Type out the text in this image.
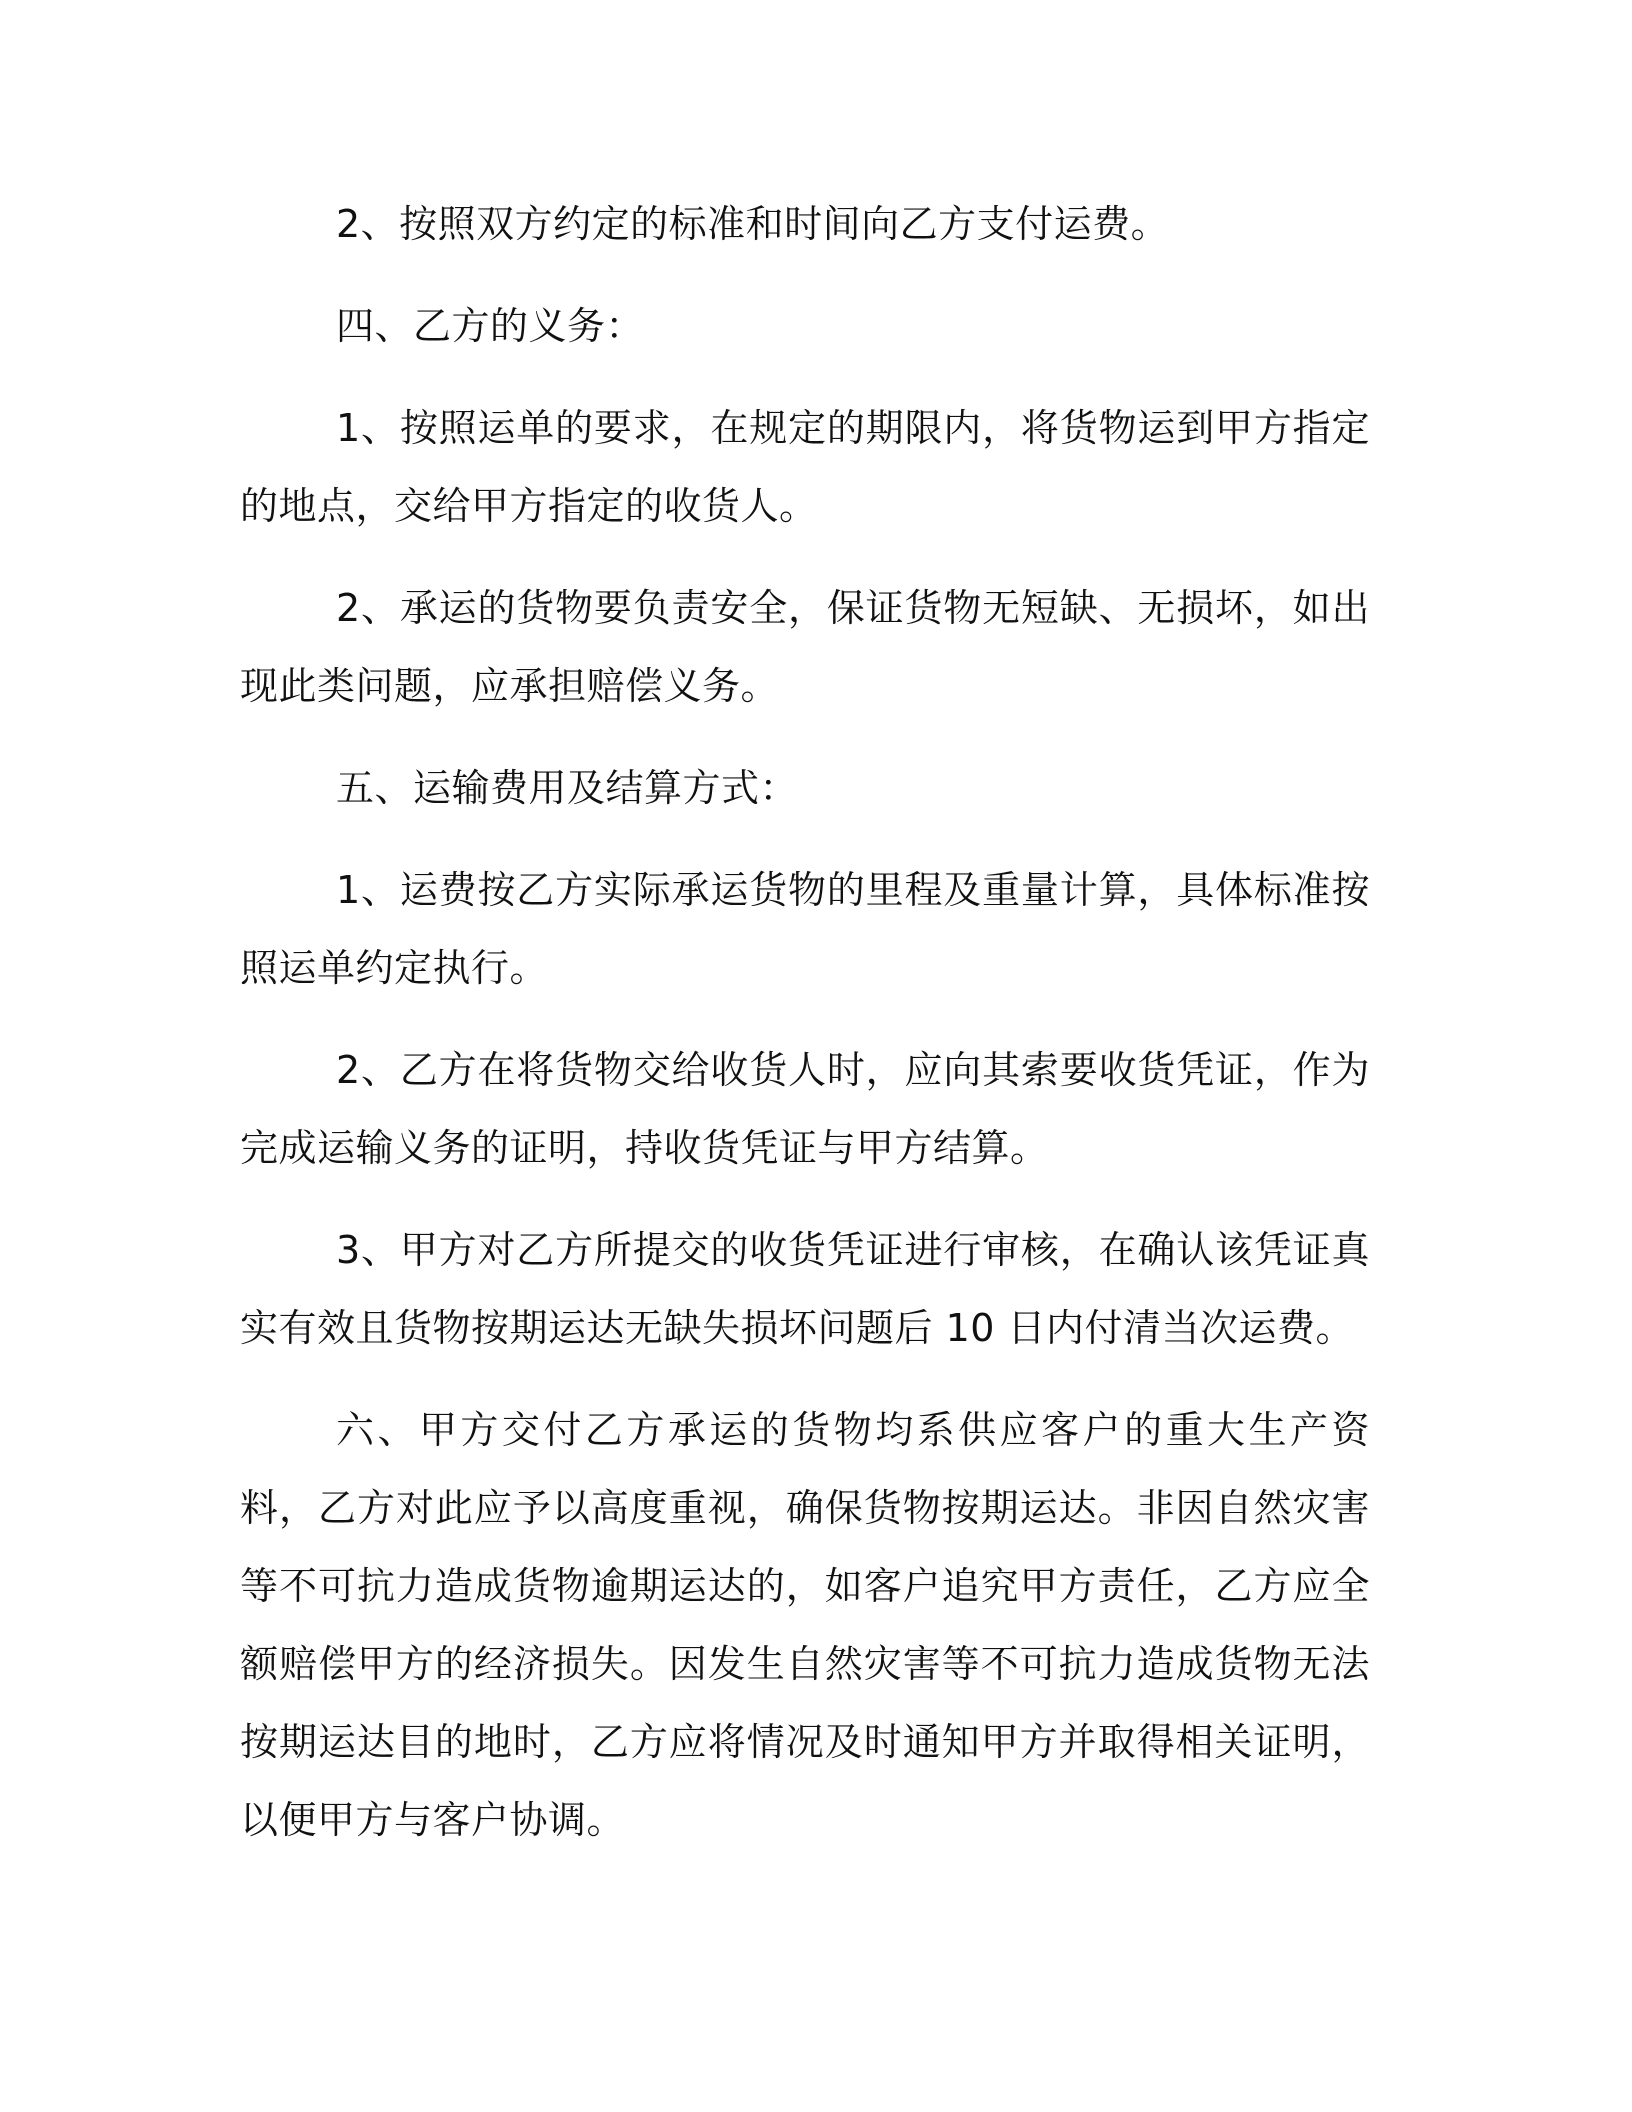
2、按照双方约定的标准和时间向乙方支付运费。

四、乙方的义务：

1、按照运单的要求，在规定的期限内，将货物运到甲方指定的地点，交给甲方指定的收货人。

2、承运的货物要负责安全，保证货物无短缺、无损坏，如出现此类问题，应承担赔偿义务。

五、运输费用及结算方式：

1、运费按乙方实际承运货物的里程及重量计算，具体标准按照运单约定执行。

2、乙方在将货物交给收货人时，应向其索要收货凭证，作为完成运输义务的证明，持收货凭证与甲方结算。

3、甲方对乙方所提交的收货凭证进行审核，在确认该凭证真实有效且货物按期运达无缺失损坏问题后 10 日内付清当次运费。

六、甲方交付乙方承运的货物均系供应客户的重大生产资料，乙方对此应予以高度重视，确保货物按期运达。非因自然灾害等不可抗力造成货物逾期运达的，如客户追究甲方责任，乙方应全额赔偿甲方的经济损失。因发生自然灾害等不可抗力造成货物无法按期运达目的地时，乙方应将情况及时通知甲方并取得相关证明，以便甲方与客户协调。
